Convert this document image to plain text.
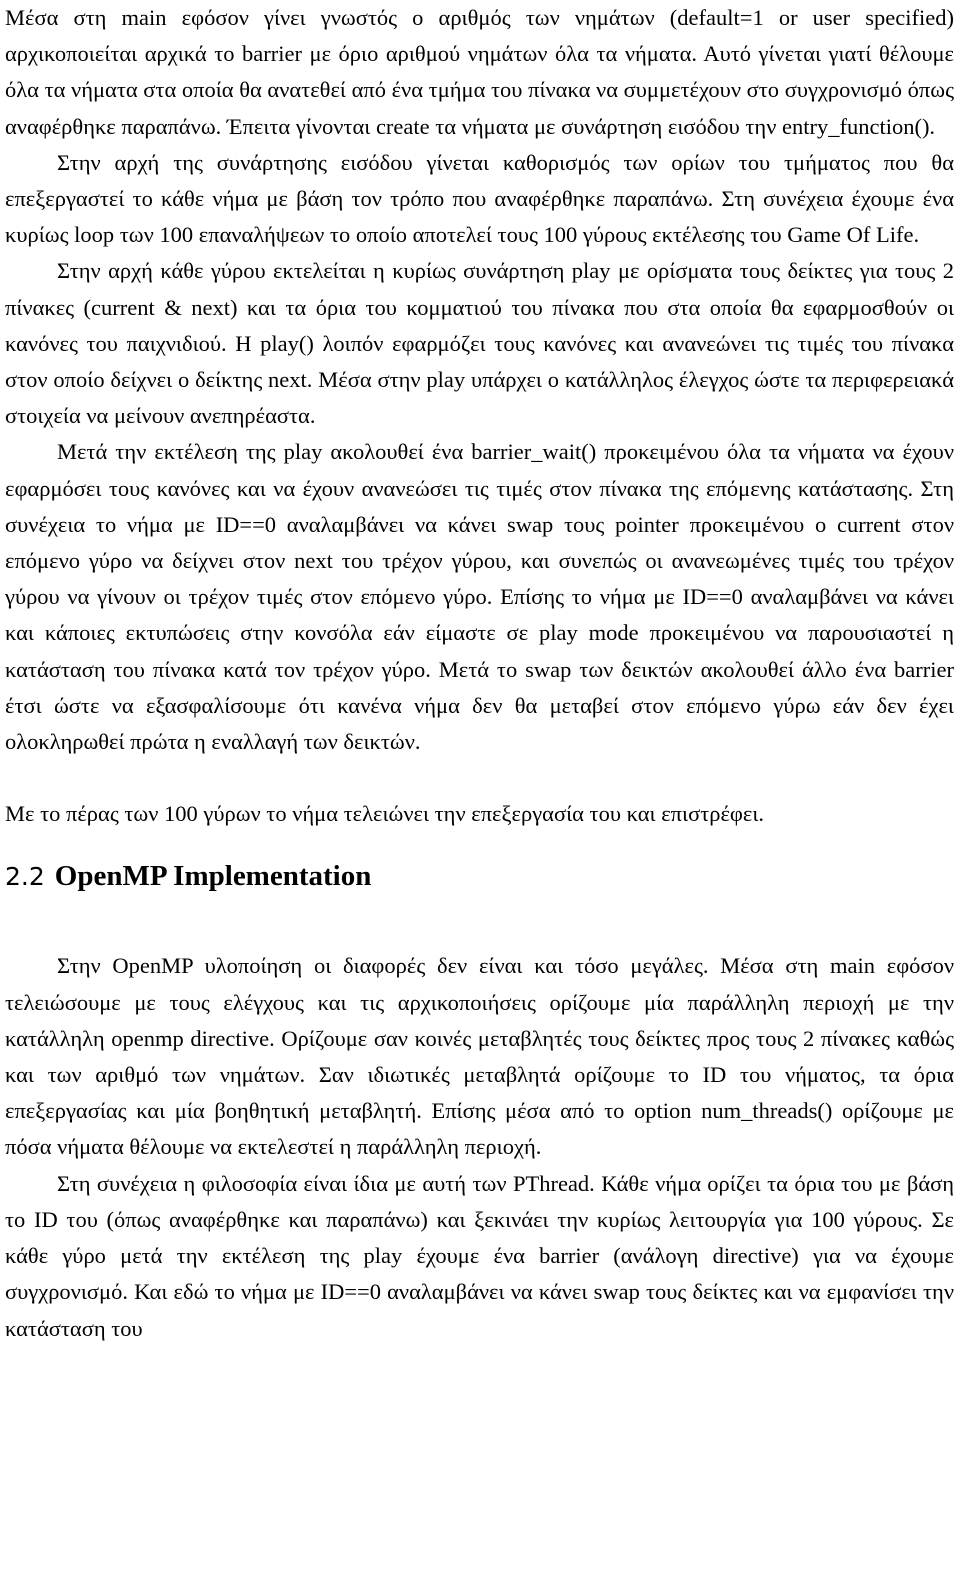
Μέσα στη main εφόσον γίνει γνωστός ο αριθμός των νημάτων (default=1 or user specified) αρχικοποιείται αρχικά το barrier με όριο αριθμού νημάτων όλα τα νήματα. Αυτό γίνεται γιατί θέλουμε όλα τα νήματα στα οποία θα ανατεθεί από ένα τμήμα του πίνακα να συμμετέχουν στο συγχρονισμό όπως αναφέρθηκε παραπάνω. Έπειτα γίνονται create τα νήματα με συνάρτηση εισόδου την entry_function().

Στην αρχή της συνάρτησης εισόδου γίνεται καθορισμός των ορίων του τμήματος που θα επεξεργαστεί το κάθε νήμα με βάση τον τρόπο που αναφέρθηκε παραπάνω. Στη συνέχεια έχουμε ένα κυρίως loop των 100 επαναλήψεων το οποίο αποτελεί τους 100 γύρους εκτέλεσης του Game Of Life.

Στην αρχή κάθε γύρου εκτελείται η κυρίως συνάρτηση play με ορίσματα τους δείκτες για τους 2 πίνακες (current & next) και τα όρια του κομματιού του πίνακα που στα οποία θα εφαρμοσθούν οι κανόνες του παιχνιδιού. Η play() λοιπόν εφαρμόζει τους κανόνες και ανανεώνει τις τιμές του πίνακα στον οποίο δείχνει ο δείκτης next. Μέσα στην play υπάρχει ο κατάλληλος έλεγχος ώστε τα περιφερειακά στοιχεία να μείνουν ανεπηρέαστα.

Μετά την εκτέλεση της play ακολουθεί ένα barrier_wait() προκειμένου όλα τα νήματα να έχουν εφαρμόσει τους κανόνες και να έχουν ανανεώσει τις τιμές στον πίνακα της επόμενης κατάστασης. Στη συνέχεια το νήμα με ID==0 αναλαμβάνει να κάνει swap τους pointer προκειμένου ο current στον επόμενο γύρο να δείχνει στον next του τρέχον γύρου, και συνεπώς οι ανανεωμένες τιμές του τρέχον γύρου να γίνουν οι τρέχον τιμές στον επόμενο γύρο. Επίσης το νήμα με ID==0 αναλαμβάνει να κάνει και κάποιες εκτυπώσεις στην κονσόλα εάν είμαστε σε play mode προκειμένου να παρουσιαστεί η κατάσταση του πίνακα κατά τον τρέχον γύρο. Μετά το swap των δεικτών ακολουθεί άλλο ένα barrier έτσι ώστε να εξασφαλίσουμε ότι κανένα νήμα δεν θα μεταβεί στον επόμενο γύρω εάν δεν έχει ολοκληρωθεί πρώτα η εναλλαγή των δεικτών.

Με το πέρας των 100 γύρων το νήμα τελειώνει την επεξεργασία του και επιστρέφει.

2.2 OpenMP Implementation

Στην OpenMP υλοποίηση οι διαφορές δεν είναι και τόσο μεγάλες. Μέσα στη main εφόσον τελειώσουμε με τους ελέγχους και τις αρχικοποιήσεις ορίζουμε μία παράλληλη περιοχή με την κατάλληλη openmp directive. Ορίζουμε σαν κοινές μεταβλητές τους δείκτες προς τους 2 πίνακες καθώς και των αριθμό των νημάτων. Σαν ιδιωτικές μεταβλητά ορίζουμε το ID του νήματος, τα όρια επεξεργασίας και μία βοηθητική μεταβλητή. Επίσης μέσα από το option num_threads() ορίζουμε με πόσα νήματα θέλουμε να εκτελεστεί η παράλληλη περιοχή.

Στη συνέχεια η φιλοσοφία είναι ίδια με αυτή των PThread. Κάθε νήμα ορίζει τα όρια του με βάση το ID του (όπως αναφέρθηκε και παραπάνω) και ξεκινάει την κυρίως λειτουργία για 100 γύρους. Σε κάθε γύρο μετά την εκτέλεση της play έχουμε ένα barrier (ανάλογη directive) για να έχουμε συγχρονισμό. Και εδώ το νήμα με ID==0 αναλαμβάνει να κάνει swap τους δείκτες και να εμφανίσει την κατάσταση του
